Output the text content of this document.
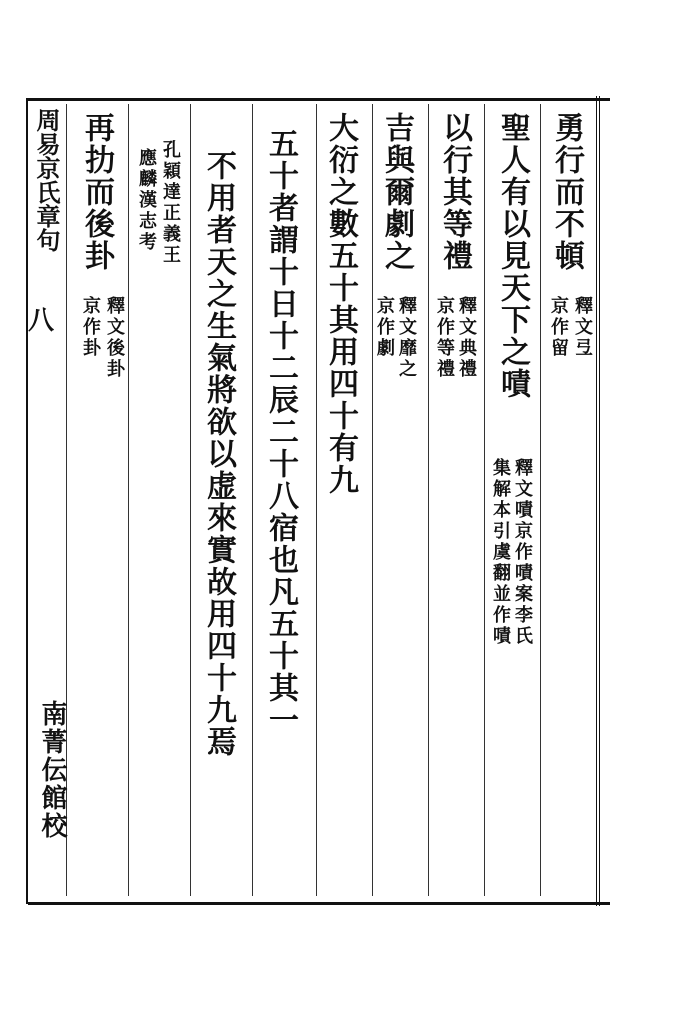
周易京氏章句
八
勇行而不頓
釋文弖
京作留
聖人有以見天下之嘖
釋文嘖京作嘖案李氏
集解本引虞翻並作嘖
以行其等禮
釋文典禮
京作等禮
吉與爾劇之
釋文靡之
京作劇
大衍之數五十其用四十有九
五十者謂十日十二辰二十八宿也凡五十其一
不用者天之生氣將欲以虚來實故用四十九焉
孔穎達正義王
應麟漢志考
再扐而後卦
釋文後卦
京作卦
南菁伝館校
